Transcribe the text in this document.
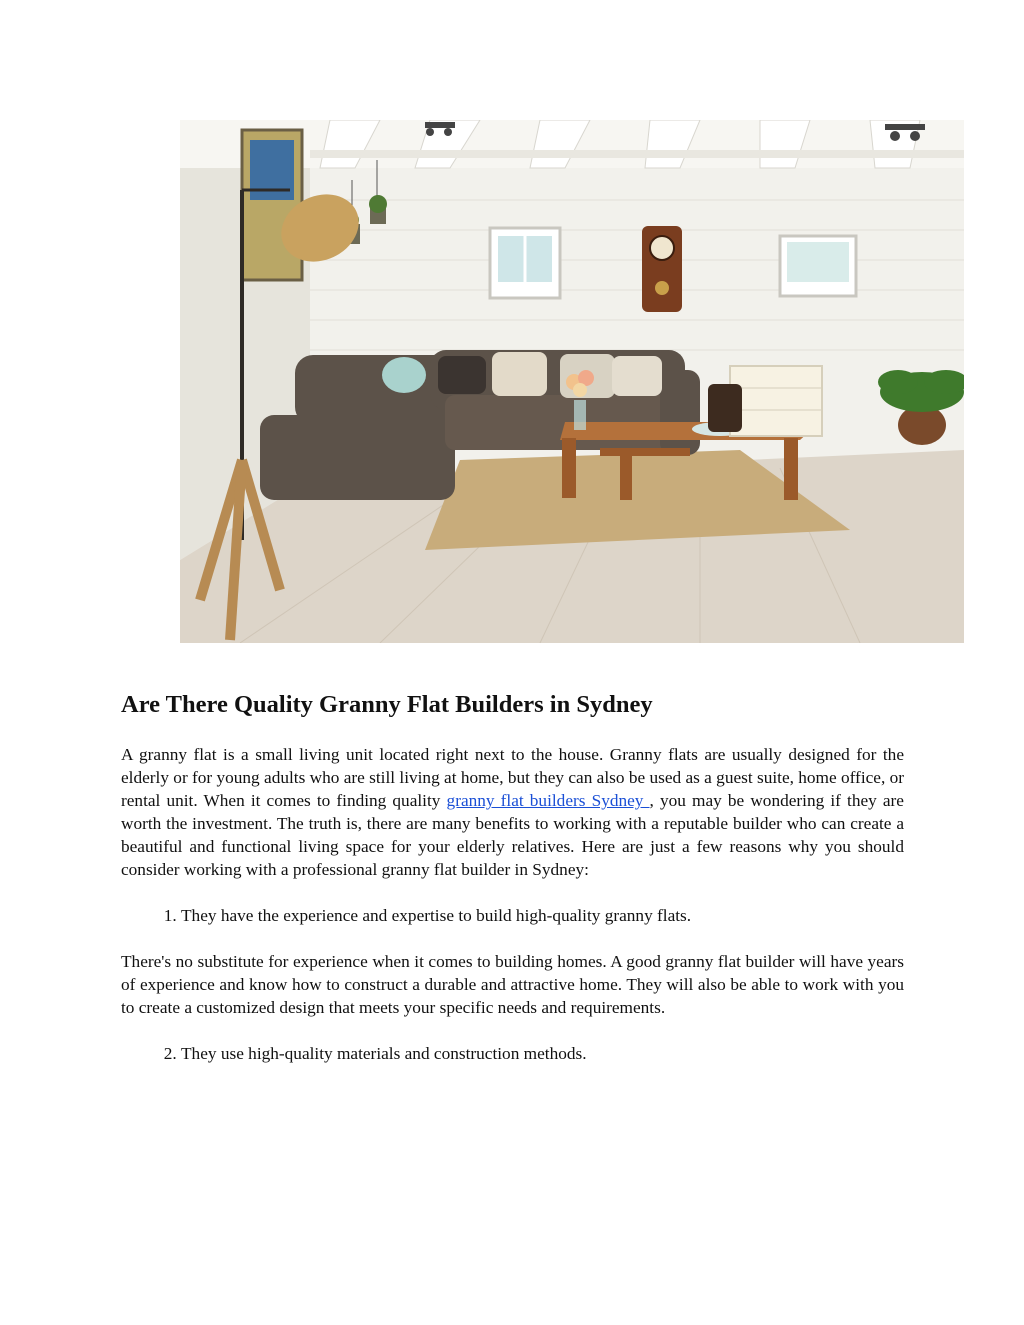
Are There Quality Granny Flat Builders in Sydney

A granny flat is a small living unit located right next to the house. Granny flats are usually designed for the elderly or for young adults who are still living at home, but they can also be used as a guest suite, home office, or rental unit. When it comes to finding quality granny flat builders Sydney , you may be wondering if they are worth the investment. The truth is, there are many benefits to working with a reputable builder who can create a beautiful and functional living space for your elderly relatives. Here are just a few reasons why you should consider working with a professional granny flat builder in Sydney:

1. They have the experience and expertise to build high-quality granny flats.

There's no substitute for experience when it comes to building homes. A good granny flat builder will have years of experience and know how to construct a durable and attractive home. They will also be able to work with you to create a customized design that meets your specific needs and requirements.

2. They use high-quality materials and construction methods.
